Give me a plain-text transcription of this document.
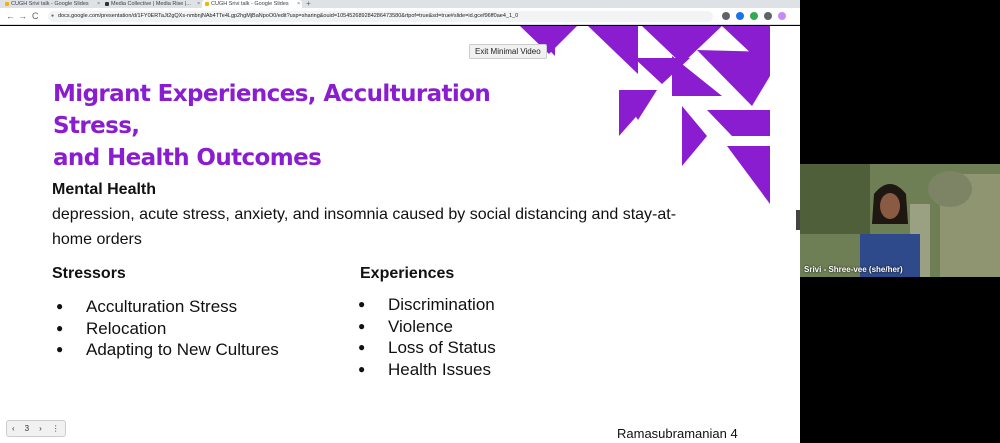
CUGH Srivi talk - Google Slides ×	Media Collective | Media Rise |... ×	CUGH Srivi talk - Google Slides × +
← → C	● docs.google.com/presentation/d/1FY0ERTaJt2gQXs-nmbnjNAb4TTe4Lgp2hgMjBaNpoO0/edit?usp=sharing&ouid=105452689284286473580&rtpof=true&sd=true#slide=id.gcef96ff0ae4_1_0
Migrant Experiences, Acculturation Stress,
and Health Outcomes
Mental Health
depression, acute stress, anxiety, and insomnia caused by social distancing and stay-at-home orders
Stressors
● Acculturation Stress
● Relocation
● Adapting to New Cultures
Experiences
● Discrimination
● Violence
● Loss of Status
● Health Issues
Ramasubramanian 4
Exit Minimal Video
‹	3	›	⋮
Srivi - Shree-vee (she/her)
